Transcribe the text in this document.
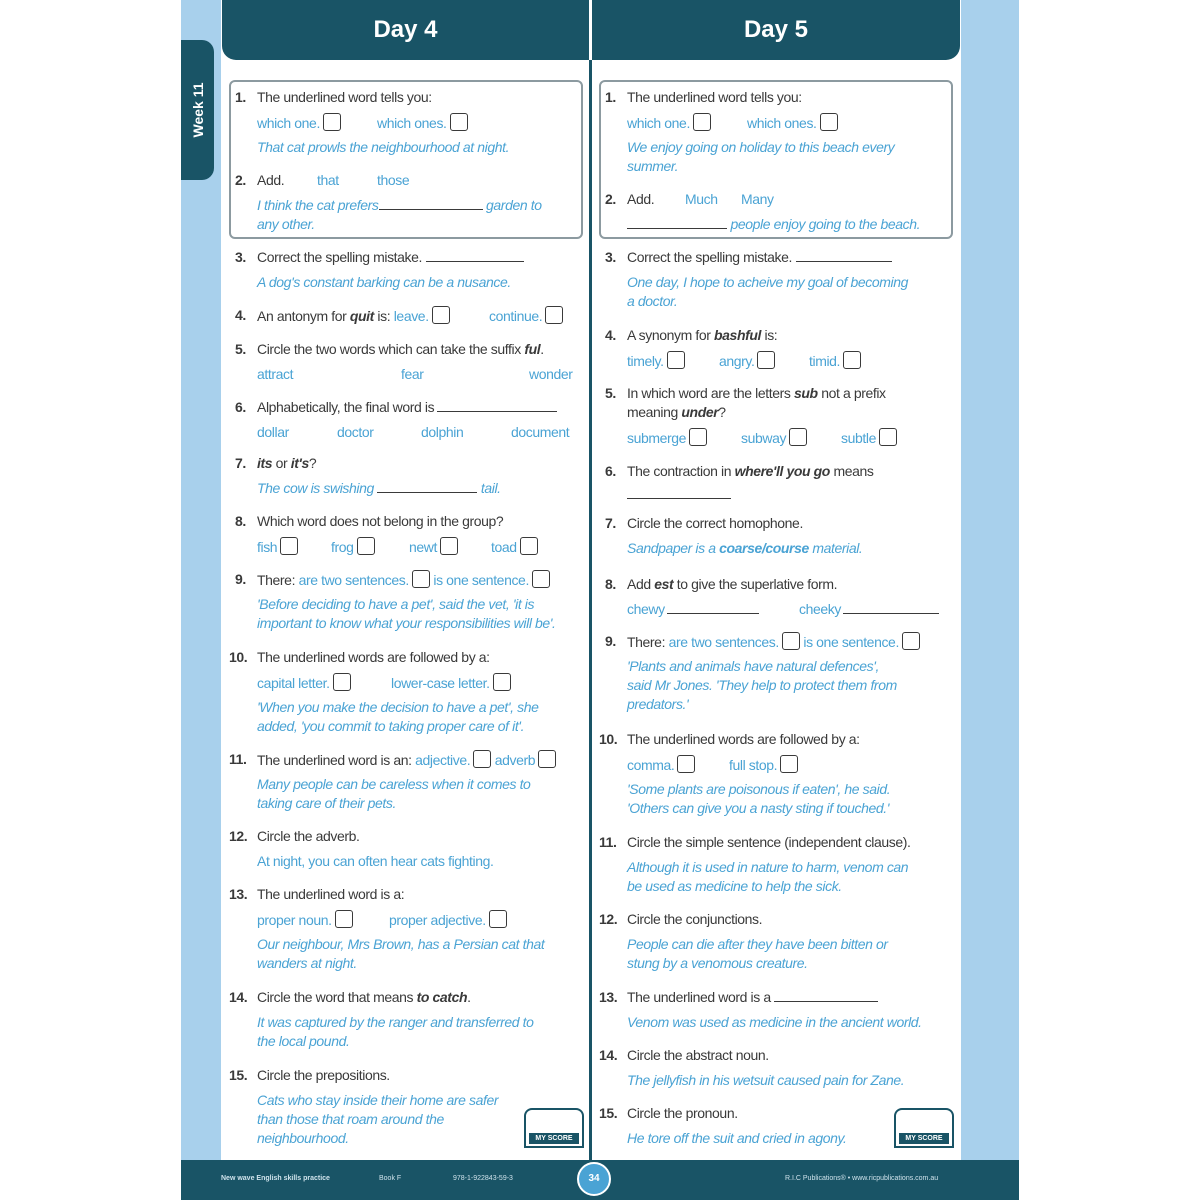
Day 4	Day 5
Week 11 1. The underlined word tells you:
which one.	which ones.
That cat prowls the neighbourhood at night.
2. Add. that	those
I think the cat prefers	garden to
any other.
3. Correct the spelling mistake.
A dog's constant barking can be a nusance.
4. An antonym for quit is: leave.	continue.
5. Circle the two words which can take the suffix ful.
attract	fear	wonder
6. Alphabetically, the final word is
dollar	doctor	dolphin	document
7. its or it's?
The cow is swishing	tail.
8. Which word does not belong in the group?
fish	frog	newt	toad
9. There: are two sentences. is one sentence.
'Before deciding to have a pet', said the vet, 'it is
important to know what your responsibilities will be'.
10. The underlined words are followed by a:
capital letter.	lower-case letter.
'When you make the decision to have a pet', she
added, 'you commit to taking proper care of it'.
11. The underlined word is an: adjective. adverb
Many people can be careless when it comes to
taking care of their pets.
12. Circle the adverb.
At night, you can often hear cats fighting.
13. The underlined word is a:
proper noun.	proper adjective.
Our neighbour, Mrs Brown, has a Persian cat that
wanders at night.
14. Circle the word that means to catch.
It was captured by the ranger and transferred to
the local pound.
15. Circle the prepositions.
Cats who stay inside their home are safer
than those that roam around the
neighbourhood.	MY SCORE
1. The underlined word tells you:
which one.	which ones.
We enjoy going on holiday to this beach every
summer.
2. Add. Much Many
people enjoy going to the beach.
3. Correct the spelling mistake.
One day, I hope to acheive my goal of becoming
a doctor.
4. A synonym for bashful is:
timely.	angry.	timid.
5. In which word are the letters sub not a prefix
meaning under?
submerge	subway	subtle
6. The contraction in where'll you go means
7. Circle the correct homophone.
Sandpaper is a coarse/course material.
8. Add est to give the superlative form.
chewy	cheeky
9. There: are two sentences. is one sentence.
'Plants and animals have natural defences',
said Mr Jones. 'They help to protect them from
predators.'
10. The underlined words are followed by a:
comma.	full stop.
'Some plants are poisonous if eaten', he said.
'Others can give you a nasty sting if touched.'
11. Circle the simple sentence (independent clause).
Although it is used in nature to harm, venom can
be used as medicine to help the sick.
12. Circle the conjunctions.
People can die after they have been bitten or
stung by a venomous creature.
13. The underlined word is a
Venom was used as medicine in the ancient world.
14. Circle the abstract noun.
The jellyfish in his wetsuit caused pain for Zane.
15. Circle the pronoun.
He tore off the suit and cried in agony.	MY SCORE
New wave English skills practice	Book F	978-1-922843-59-3	R.I.C Publications® • www.ricpublications.com.au
34
